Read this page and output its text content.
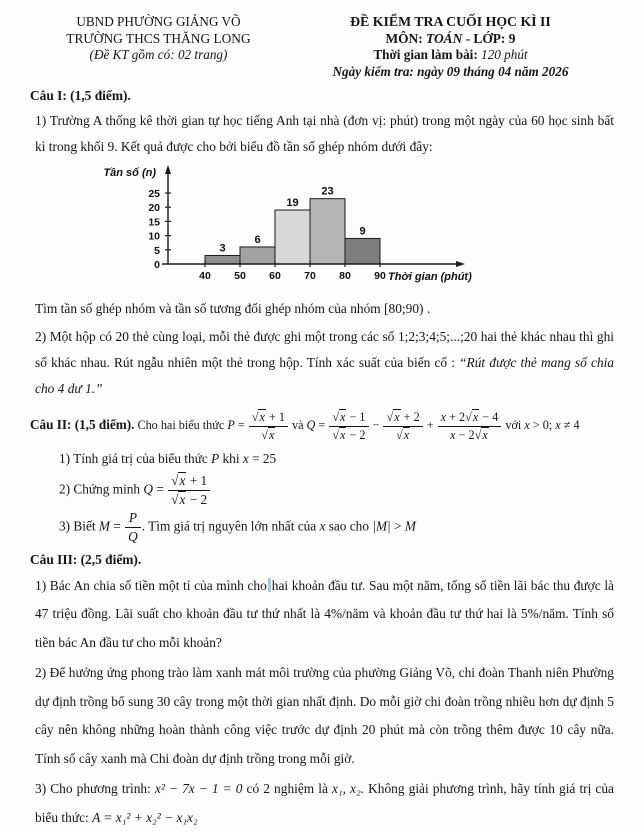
UBND PHƯỜNG GIẢNG VÕ
TRƯỜNG THCS THĂNG LONG
(Đề KT gồm có: 02 trang)
ĐỀ KIỂM TRA CUỐI HỌC KÌ II
MÔN: TOÁN - LỚP: 9
Thời gian làm bài: 120 phút
Ngày kiểm tra: ngày 09 tháng 04 năm 2026
Câu I: (1,5 điểm).

1) Trường A thống kê thời gian tự học tiếng Anh tại nhà (đơn vị: phút) trong một ngày của 60 học sinh bất kì trong khối 9. Kết quả được cho bởi biểu đồ tần số ghép nhóm dưới đây:

3
6
19
23
9
0
5
10
15
20
25
40 50 60 70 80 90
Tần số (n)
Thời gian (phút)

Tìm tần số ghép nhóm và tần số tương đối ghép nhóm của nhóm [80;90) .

2) Một hộp có 20 thẻ cùng loại, mỗi thẻ được ghi một trong các số 1;2;3;4;5;...;20 hai thẻ khác nhau thì ghi số khác nhau. Rút ngẫu nhiên một thẻ trong hộp. Tính xác suất của biến cố : “Rút được thẻ mang số chia cho 4 dư 1.”

Câu II: (1,5 điểm). Cho hai biểu thức $P = \frac{√x + 1}{√x}$ và $Q = \frac{√x - 1}{√x - 2} - \frac{√x + 2}{√x} + \frac{x + 2√x - 4}{x - 2√x}$ với x > 0; x ≠ 4
1) Tính giá trị của biểu thức P khi x = 25
2) Chứng minh $Q = \frac{√x + 1}{√x - 2}$
3) Biết $M = \frac{P}{Q}$ . Tìm giá trị nguyên lớn nhất của x sao cho |M| > M
Câu III: (2,5 điểm).

1) Bác An chia số tiền một tỉ của mình cho hai khoản đầu tư. Sau một năm, tổng số tiền lãi bác thu được là 47 triệu đồng. Lãi suất cho khoản đầu tư thứ nhất là 4%/năm và khoản đầu tư thứ hai là 5%/năm. Tính số tiền bác An đầu tư cho mỗi khoản?

2) Để hưởng ứng phong trào làm xanh mát môi trường của phường Giảng Võ, chi đoàn Thanh niên Phường dự định trồng bổ sung 30 cây trong một thời gian nhất định. Do mỗi giờ chi đoàn trồng nhiều hơn dự định 5 cây nên không những hoàn thành công việc trước dự định 20 phút mà còn trồng thêm được 10 cây nữa. Tính số cây xanh mà Chi đoàn dự định trồng trong mỗi giờ.

3) Cho phương trình: x² − 7x − 1 = 0 có 2 nghiệm là x₁, x₂. Không giải phương trình, hãy tính giá trị của biểu thức: A = x₁² + x₂² − x₁x₂
